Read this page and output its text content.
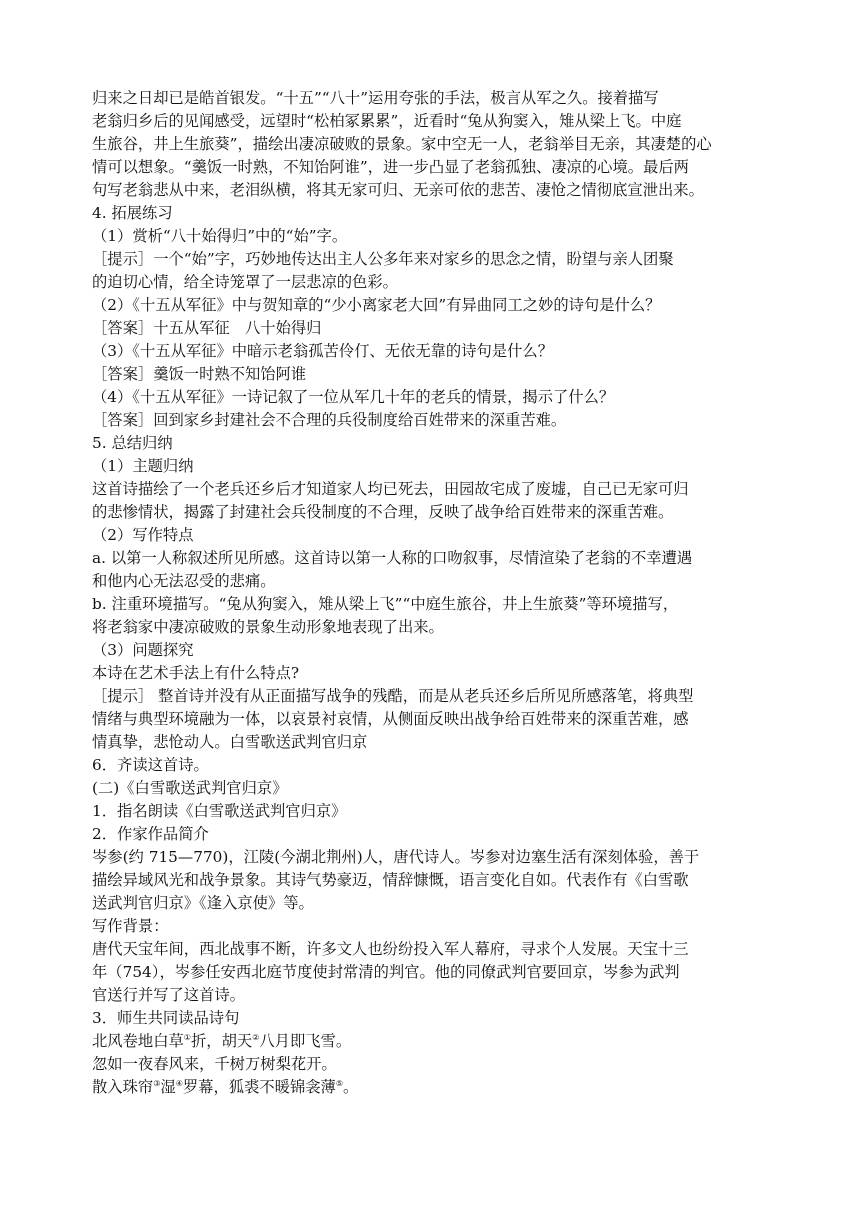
归来之日却已是皓首银发。“十五”“八十”运用夸张的手法，极言从军之久。接着描写
老翁归乡后的见闻感受，远望时“松柏冢累累”，近看时“兔从狗窦入，雉从梁上飞。中庭
生旅谷，井上生旅葵”，描绘出凄凉破败的景象。家中空无一人，老翁举目无亲，其凄楚的心
情可以想象。“羹饭一时熟，不知饴阿谁”，进一步凸显了老翁孤独、凄凉的心境。最后两
句写老翁悲从中来，老泪纵横，将其无家可归、无亲可依的悲苦、凄怆之情彻底宣泄出来。
4. 拓展练习
（1）赏析“八十始得归”中的“始”字。
［提示］一个“始”字，巧妙地传达出主人公多年来对家乡的思念之情，盼望与亲人团聚
的迫切心情，给全诗笼罩了一层悲凉的色彩。
（2）《十五从军征》中与贺知章的“少小离家老大回”有异曲同工之妙的诗句是什么？
［答案］十五从军征　八十始得归
（3）《十五从军征》中暗示老翁孤苦伶仃、无依无靠的诗句是什么？
［答案］羹饭一时熟不知饴阿谁
（4）《十五从军征》一诗记叙了一位从军几十年的老兵的情景，揭示了什么？
［答案］回到家乡封建社会不合理的兵役制度给百姓带来的深重苦难。
5. 总结归纳
（1）主题归纳
这首诗描绘了一个老兵还乡后才知道家人均已死去，田园故宅成了废墟，自己已无家可归
的悲惨情状，揭露了封建社会兵役制度的不合理，反映了战争给百姓带来的深重苦难。
（2）写作特点
a. 以第一人称叙述所见所感。这首诗以第一人称的口吻叙事，尽情渲染了老翁的不幸遭遇
和他内心无法忍受的悲痛。
b. 注重环境描写。“兔从狗窦入，雉从梁上飞”“中庭生旅谷，井上生旅葵”等环境描写，
将老翁家中凄凉破败的景象生动形象地表现了出来。
（3）问题探究
本诗在艺术手法上有什么特点?
［提示］ 整首诗并没有从正面描写战争的残酷，而是从老兵还乡后所见所感落笔，将典型
情绪与典型环境融为一体，以哀景衬哀情，从侧面反映出战争给百姓带来的深重苦难，感
情真挚，悲怆动人。白雪歌送武判官归京
6．齐读这首诗。
(二)《白雪歌送武判官归京》
1．指名朗读《白雪歌送武判官归京》
2．作家作品简介
岑参(约 715—770)，江陵(今湖北荆州)人，唐代诗人。岑参对边塞生活有深刻体验，善于
描绘异域风光和战争景象。其诗气势豪迈，情辞慷慨，语言变化自如。代表作有《白雪歌
送武判官归京》《逢入京使》等。
写作背景：
唐代天宝年间，西北战事不断，许多文人也纷纷投入军人幕府，寻求个人发展。天宝十三
年（754），岑参任安西北庭节度使封常清的判官。他的同僚武判官要回京，岑参为武判
官送行并写了这首诗。
3．师生共同读品诗句
北风卷地白草①折，胡天②八月即飞雪。
忽如一夜春风来，千树万树梨花开。
散入珠帘③湿④罗幕，狐裘不暖锦衾薄⑤。
